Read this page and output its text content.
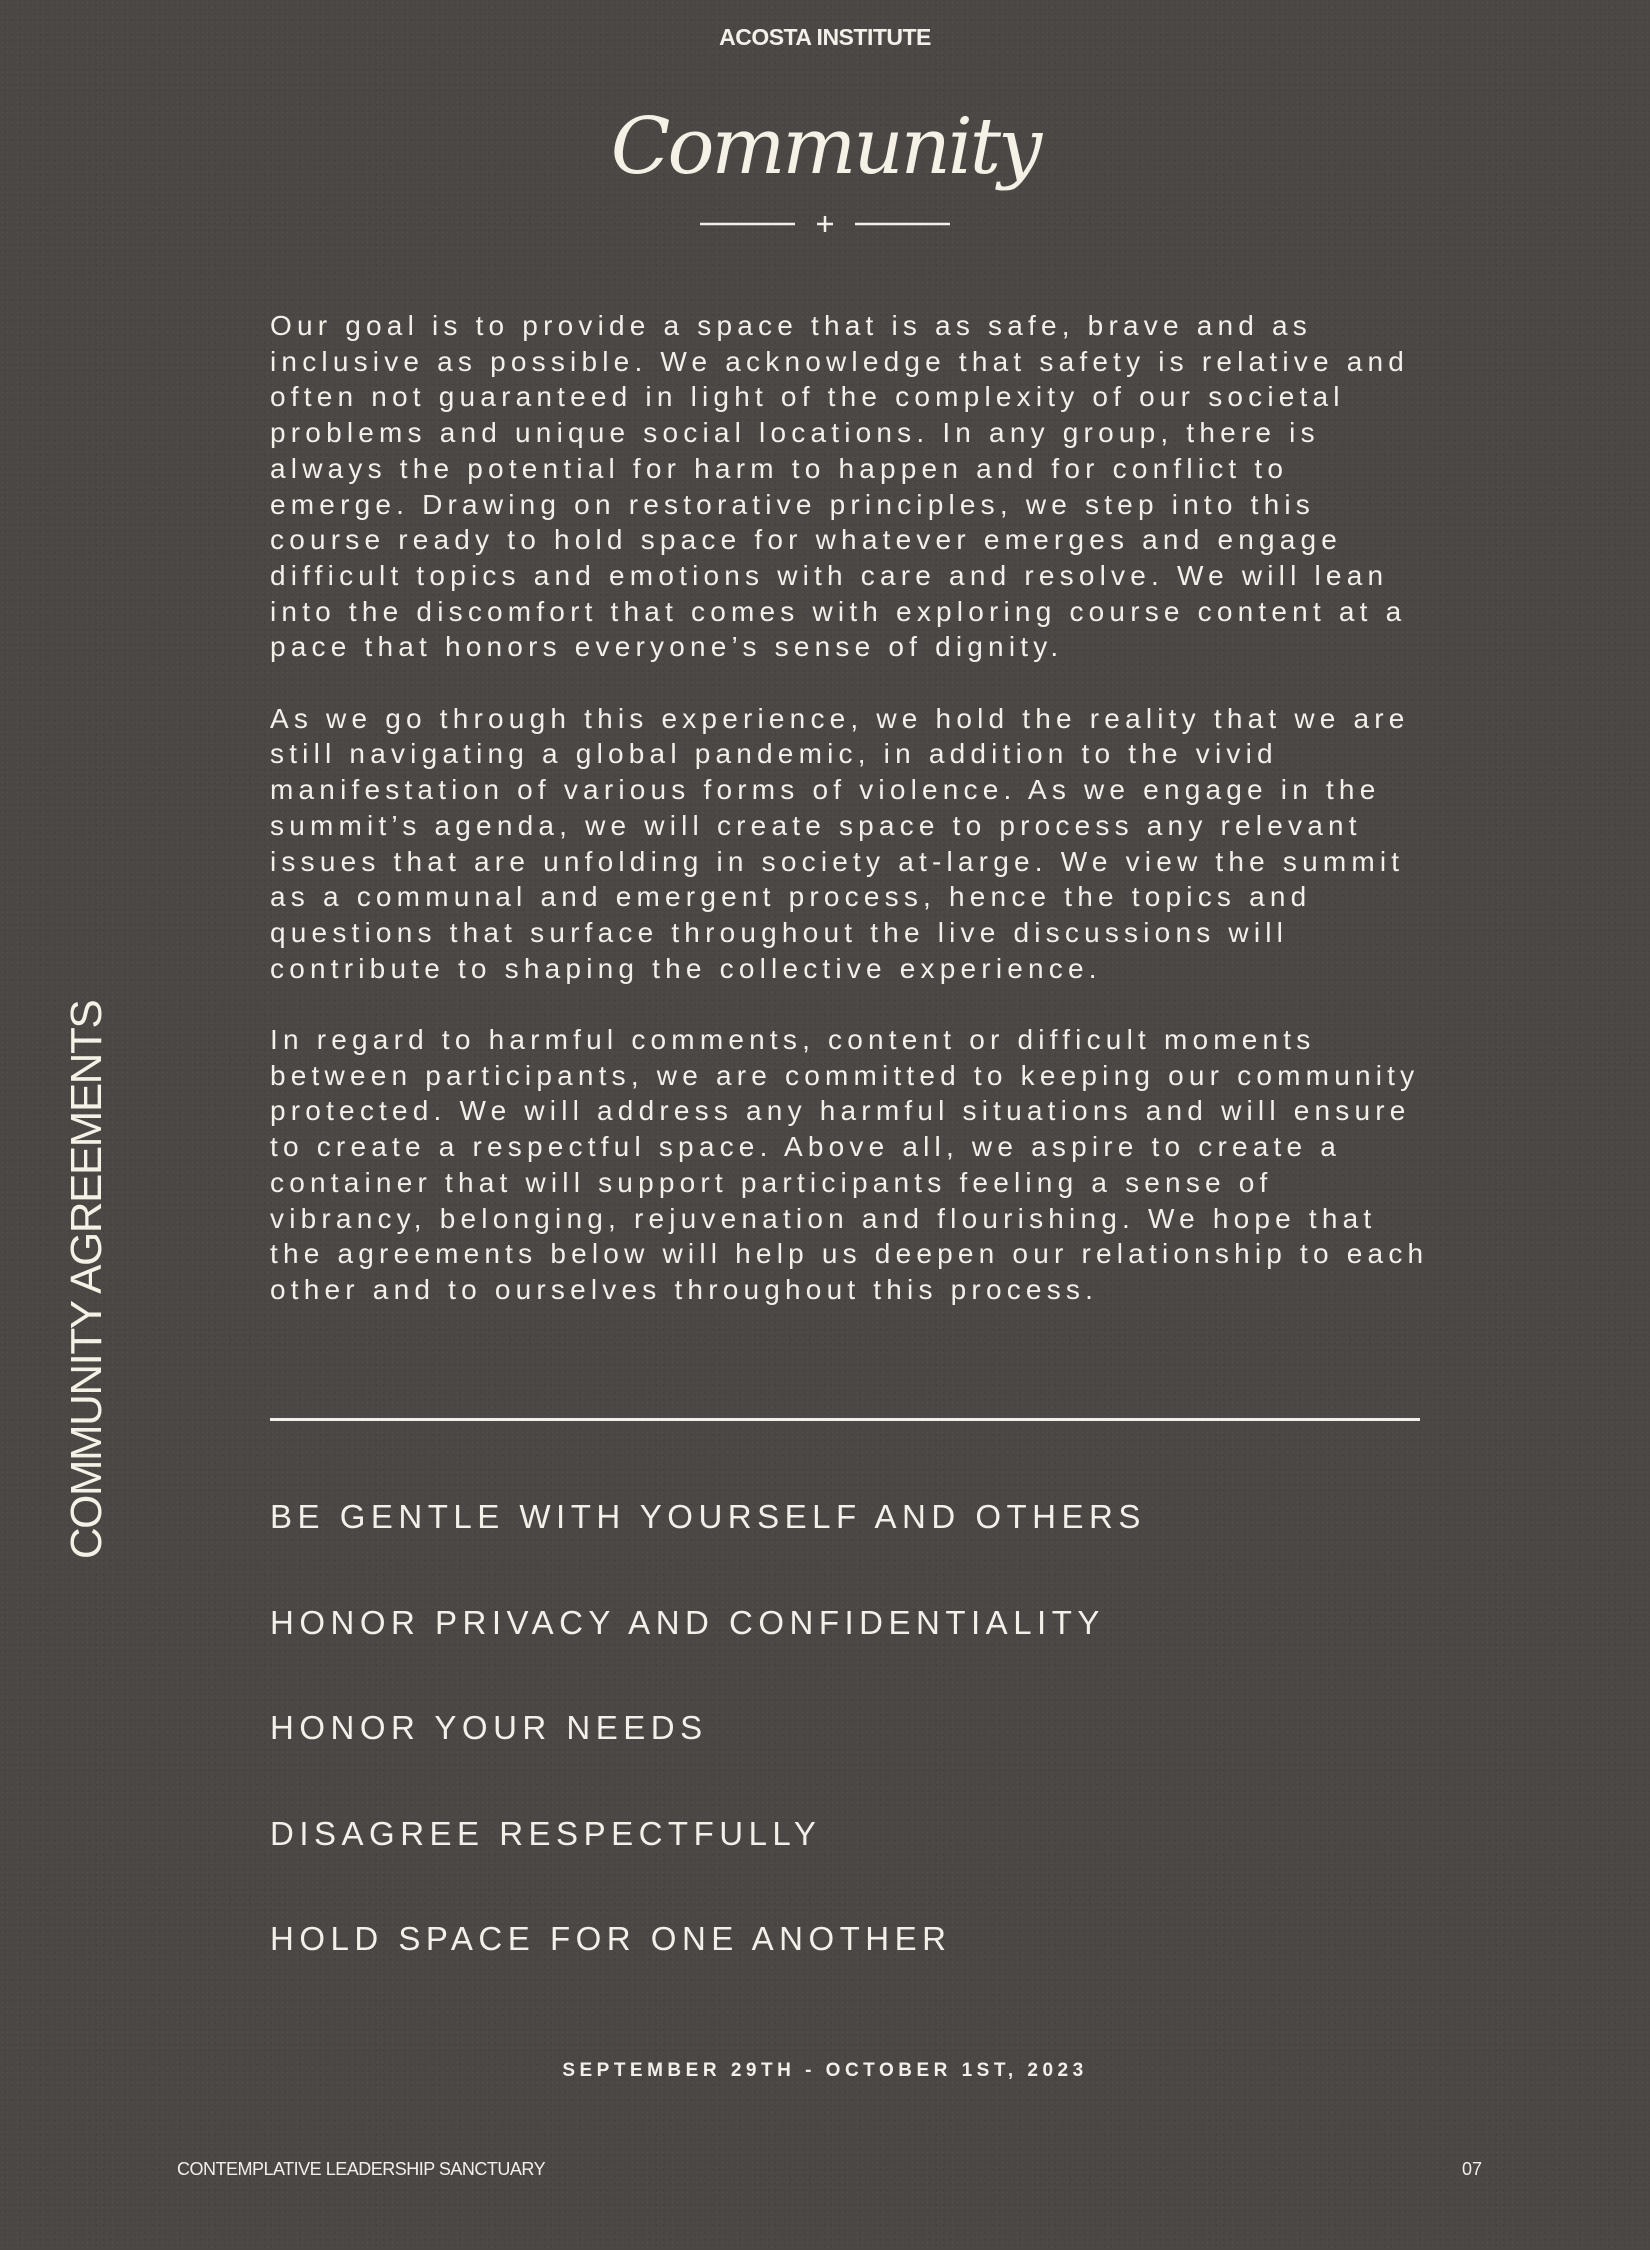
ACOSTA INSTITUTE
Community
COMMUNITY AGREEMENTS

Our goal is to provide a space that is as safe, brave and as
inclusive as possible. We acknowledge that safety is relative and
often not guaranteed in light of the complexity of our societal
problems and unique social locations. In any group, there is
always the potential for harm to happen and for conflict to
emerge. Drawing on restorative principles, we step into this
course ready to hold space for whatever emerges and engage
difficult topics and emotions with care and resolve. We will lean
into the discomfort that comes with exploring course content at a
pace that honors everyone’s sense of dignity.

As we go through this experience, we hold the reality that we are
still navigating a global pandemic, in addition to the vivid
manifestation of various forms of violence. As we engage in the
summit’s agenda, we will create space to process any relevant
issues that are unfolding in society at-large. We view the summit
as a communal and emergent process, hence the topics and
questions that surface throughout the live discussions will
contribute to shaping the collective experience.

In regard to harmful comments, content or difficult moments
between participants, we are committed to keeping our community
protected. We will address any harmful situations and will ensure
to create a respectful space. Above all, we aspire to create a
container that will support participants feeling a sense of
vibrancy, belonging, rejuvenation and flourishing. We hope that
the agreements below will help us deepen our relationship to each
other and to ourselves throughout this process.

BE GENTLE WITH YOURSELF AND OTHERS
HONOR PRIVACY AND CONFIDENTIALITY
HONOR YOUR NEEDS
DISAGREE RESPECTFULLY
HOLD SPACE FOR ONE ANOTHER
SEPTEMBER 29TH - OCTOBER 1ST, 2023
CONTEMPLATIVE LEADERSHIP SANCTUARY	07
